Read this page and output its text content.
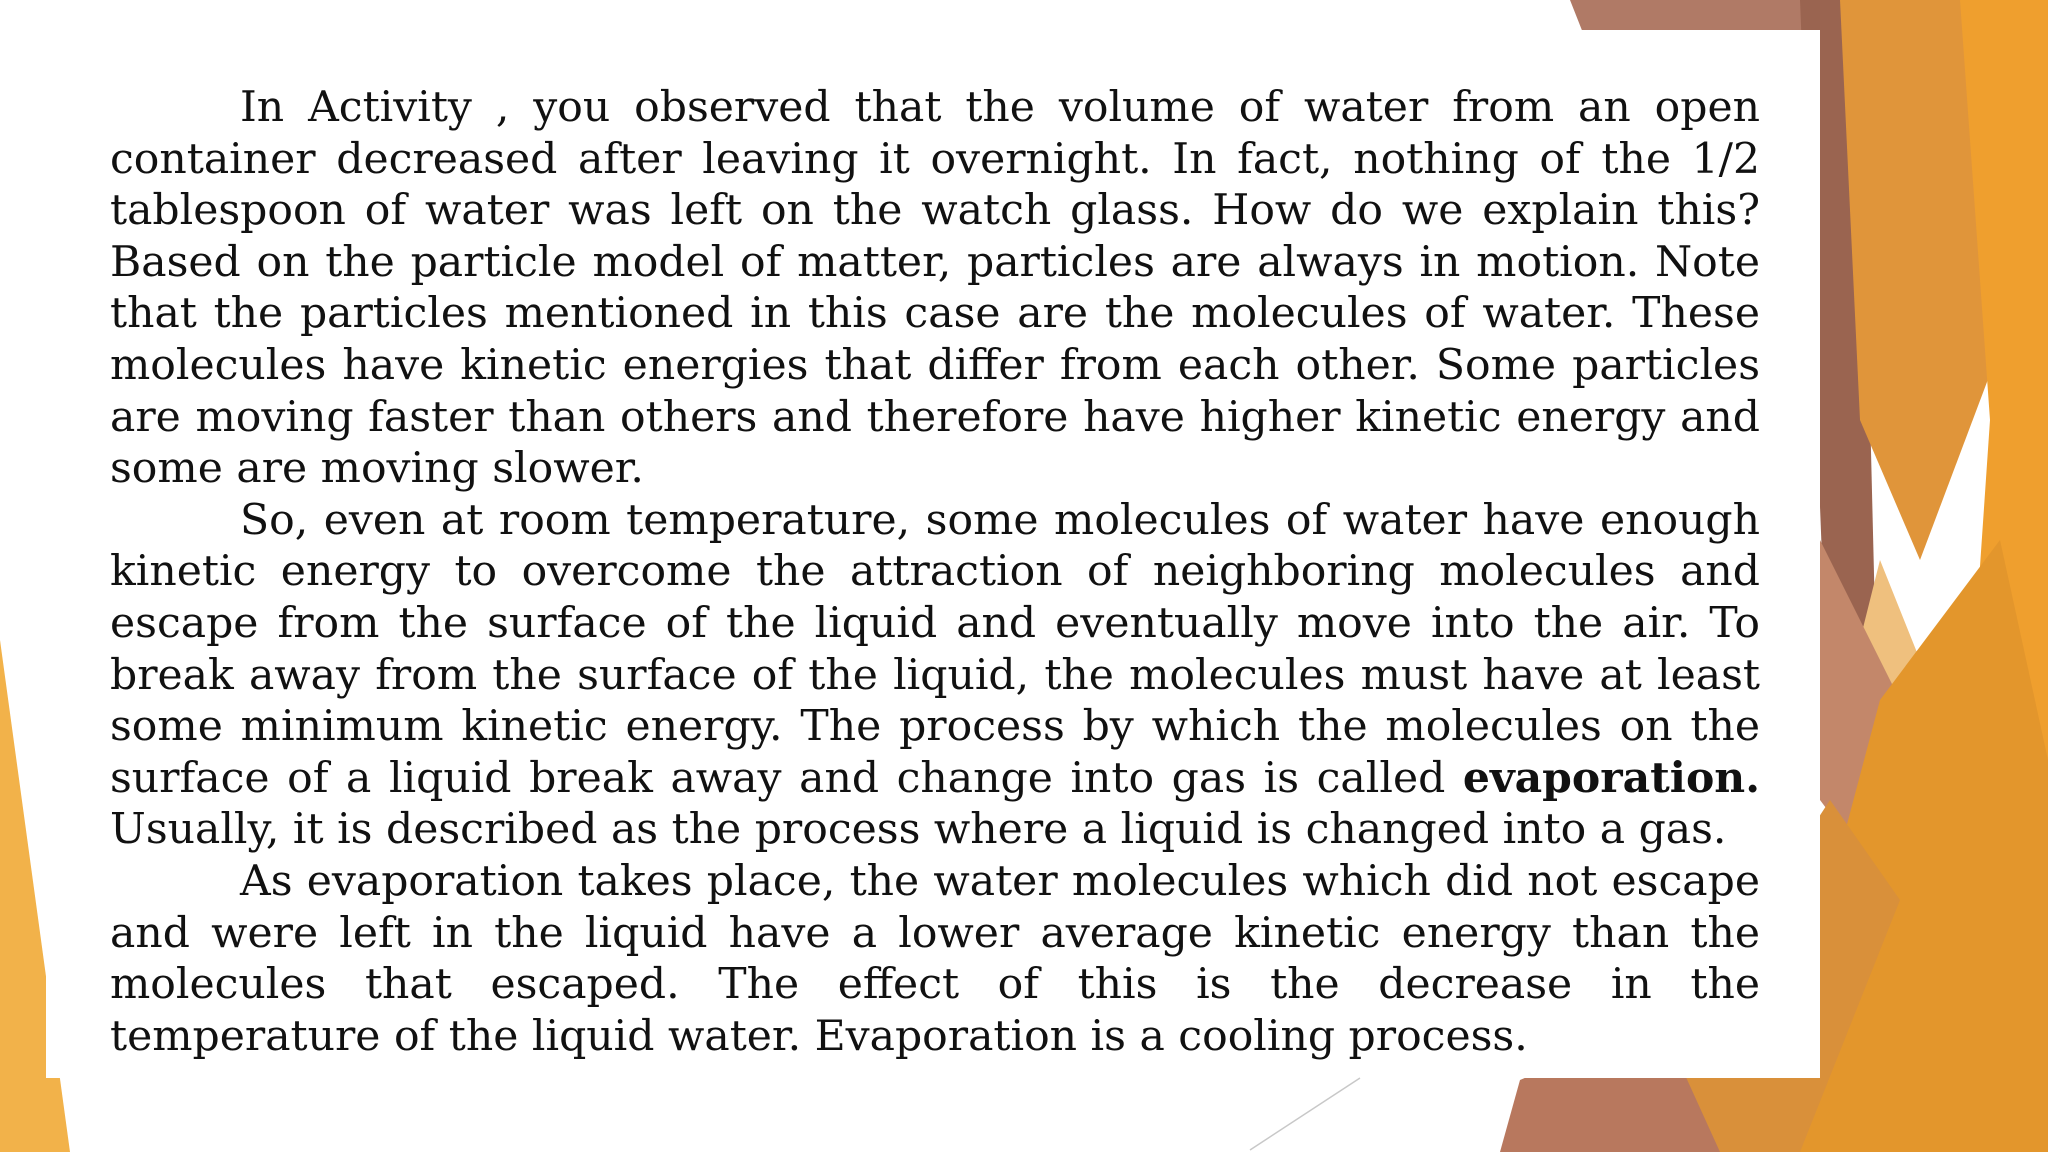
In Activity , you observed that the volume of water from an open container decreased after leaving it overnight. In fact, nothing of the 1/2 tablespoon of water was left on the watch glass. How do we explain this? Based on the particle model of matter, particles are always in motion. Note that the particles mentioned in this case are the molecules of water. These molecules have kinetic energies that differ from each other. Some particles are moving faster than others and therefore have higher kinetic energy and some are moving slower.

So, even at room temperature, some molecules of water have enough kinetic energy to overcome the attraction of neighboring molecules and escape from the surface of the liquid and eventually move into the air. To break away from the surface of the liquid, the molecules must have at least some minimum kinetic energy. The process by which the molecules on the surface of a liquid break away and change into gas is called evaporation. Usually, it is described as the process where a liquid is changed into a gas.

As evaporation takes place, the water molecules which did not escape and were left in the liquid have a lower average kinetic energy than the molecules that escaped. The effect of this is the decrease in the temperature of the liquid water. Evaporation is a cooling process.
